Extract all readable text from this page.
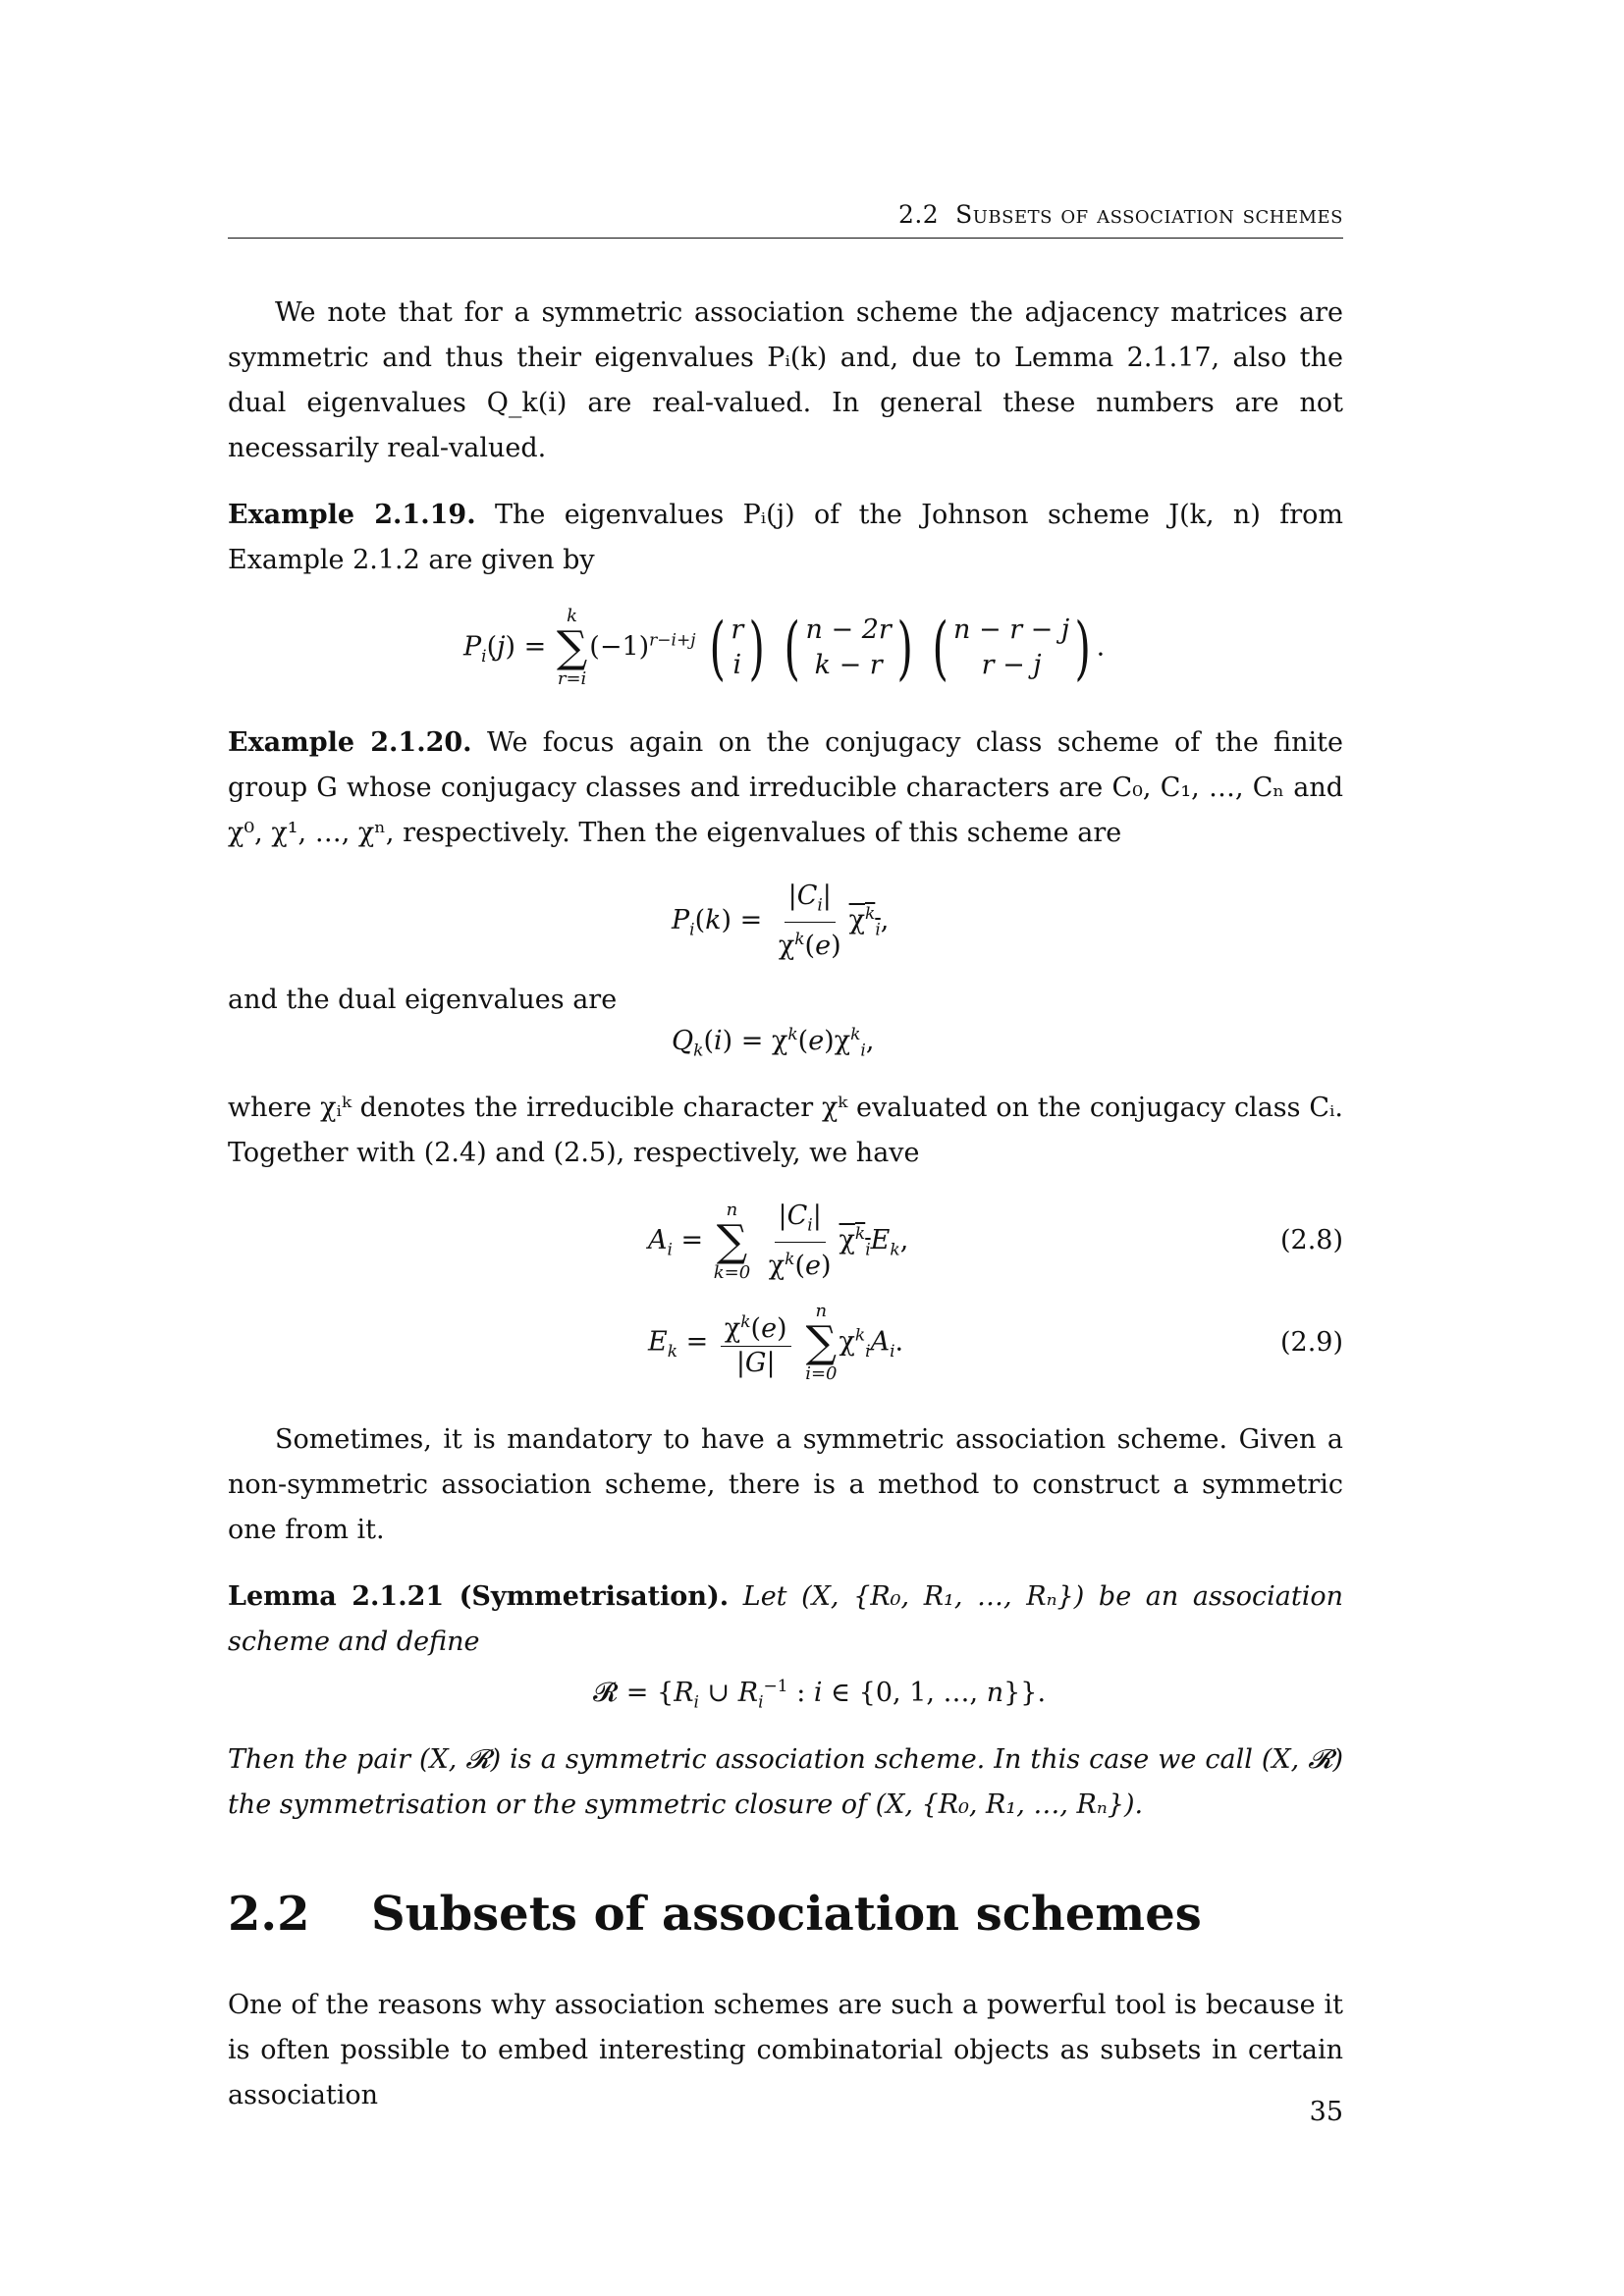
2.2 Subsets of association schemes
We note that for a symmetric association scheme the adjacency matrices are symmetric and thus their eigenvalues Pᵢ(k) and, due to Lemma 2.1.17, also the dual eigenvalues Q_k(i) are real-valued. In general these numbers are not necessarily real-valued.
Example 2.1.19. The eigenvalues Pᵢ(j) of the Johnson scheme J(k, n) from Example 2.1.2 are given by
$P_i(j)$ =
k
∑
r=i
$(-1)^{r-i+j}$ ( r
i )
( n − 2r
k − r )
( n − r − j
r − j ) .
Example 2.1.20. We focus again on the conjugacy class scheme of the finite group G whose conjugacy classes and irreducible characters are C₀, C₁, …, Cₙ and χ⁰, χ¹, …, χⁿ, respectively. Then the eigenvalues of this scheme are
$P_i(k) = \frac{|C_i|}{\chi^k(e)} \chi^k_i$,
and the dual eigenvalues are
$Q_k(i) = \chi^k(e)\chi^k_i$,
where χᵢᵏ denotes the irreducible character χᵏ evaluated on the conjugacy class Cᵢ. Together with (2.4) and (2.5), respectively, we have
$A_i$ =
n
∑
k=0
$\frac{|C_i|}{\chi^k(e)} \chi^k_iE_k$,	(2.8)
$E_k = \frac{\chi^k(e)}{|G|}$
n
∑
i=0
$\chi^k_iA_i$.	(2.9)
Sometimes, it is mandatory to have a symmetric association scheme. Given a non-symmetric association scheme, there is a method to construct a symmetric one from it.
Lemma 2.1.21 (Symmetrisation). Let (X, {R₀, R₁, …, Rₙ}) be an association scheme and define
𝓡 = {$R_i$ ∪ $R_i^{-1}$ : i ∈ {0, 1, …, n}}.
Then the pair (X, 𝓡) is a symmetric association scheme. In this case we call (X, 𝓡) the symmetrisation or the symmetric closure of (X, {R₀, R₁, …, Rₙ}).
2.2 Subsets of association schemes
One of the reasons why association schemes are such a powerful tool is because it is often possible to embed interesting combinatorial objects as subsets in certain association
35
